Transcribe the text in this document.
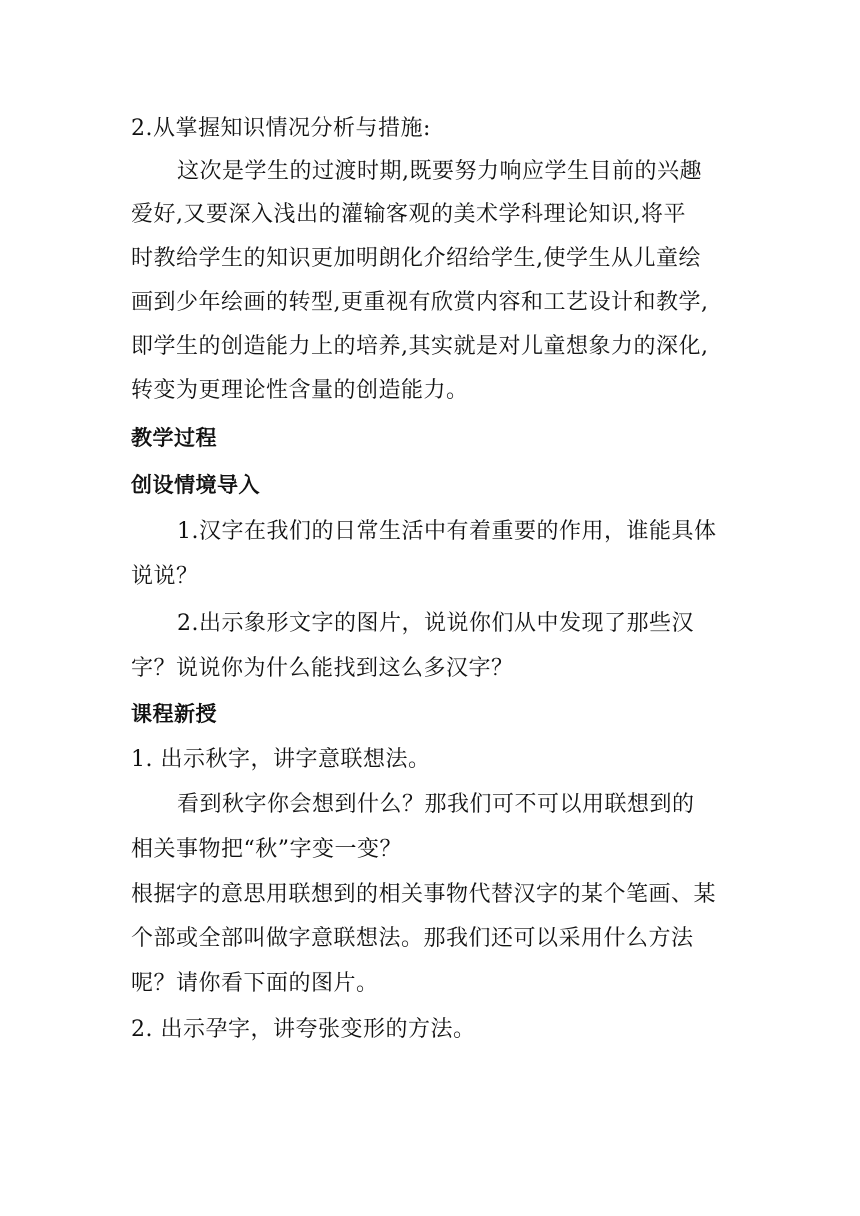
2.从掌握知识情况分析与措施:
这次是学生的过渡时期,既要努力响应学生目前的兴趣
爱好,又要深入浅出的灌输客观的美术学科理论知识,将平
时教给学生的知识更加明朗化介绍给学生,使学生从儿童绘
画到少年绘画的转型,更重视有欣赏内容和工艺设计和教学,
即学生的创造能力上的培养,其实就是对儿童想象力的深化,
转变为更理论性含量的创造能力。
教学过程
创设情境导入
1.汉字在我们的日常生活中有着重要的作用，谁能具体
说说？
2.出示象形文字的图片，说说你们从中发现了那些汉
字？说说你为什么能找到这么多汉字？
课程新授
1. 出示秋字，讲字意联想法。
看到秋字你会想到什么？那我们可不可以用联想到的
相关事物把“秋”字变一变？
根据字的意思用联想到的相关事物代替汉字的某个笔画、某
个部或全部叫做字意联想法。那我们还可以采用什么方法
呢？请你看下面的图片。
2. 出示孕字，讲夸张变形的方法。
